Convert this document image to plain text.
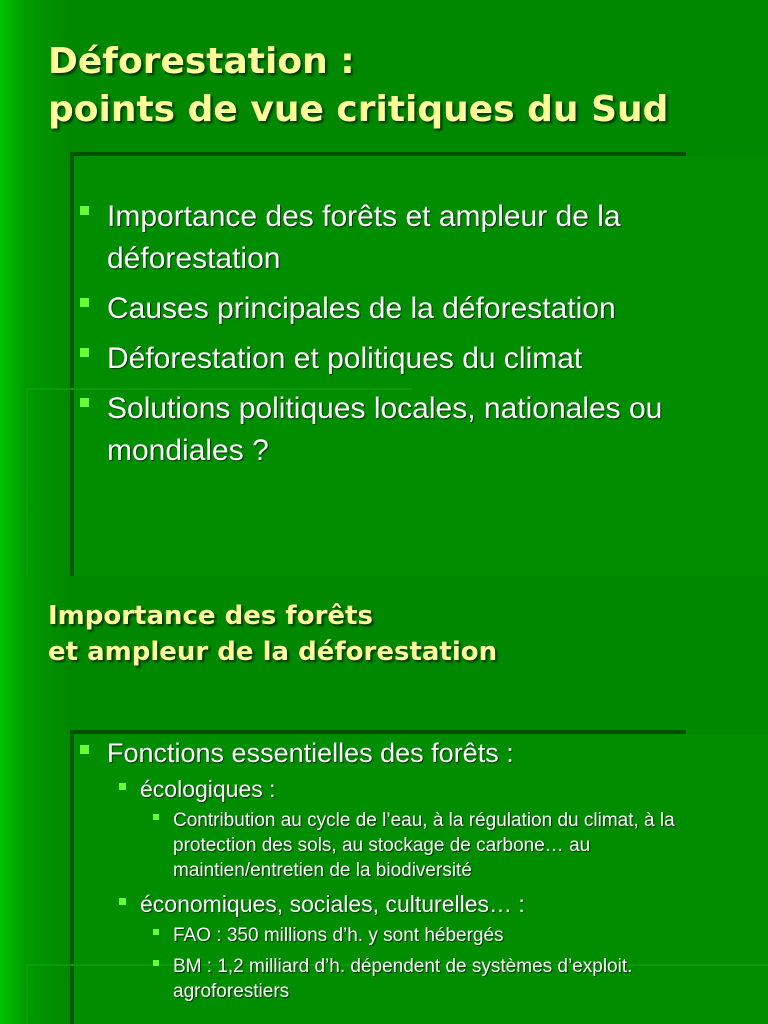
Déforestation :
points de vue critiques du Sud
Importance des forêts et ampleur de la déforestation
Causes principales de la déforestation
Déforestation et politiques du climat
Solutions politiques locales, nationales ou mondiales ?
Importance des forêts
et ampleur de la déforestation
Fonctions essentielles des forêts :
écologiques :
Contribution au cycle de l’eau, à la régulation du climat, à la protection des sols, au stockage de carbone… au maintien/entretien de la biodiversité
économiques, sociales, culturelles… :
FAO : 350 millions d’h. y sont hébergés
BM : 1,2 milliard d’h. dépendent de systèmes d’exploit. agroforestiers
